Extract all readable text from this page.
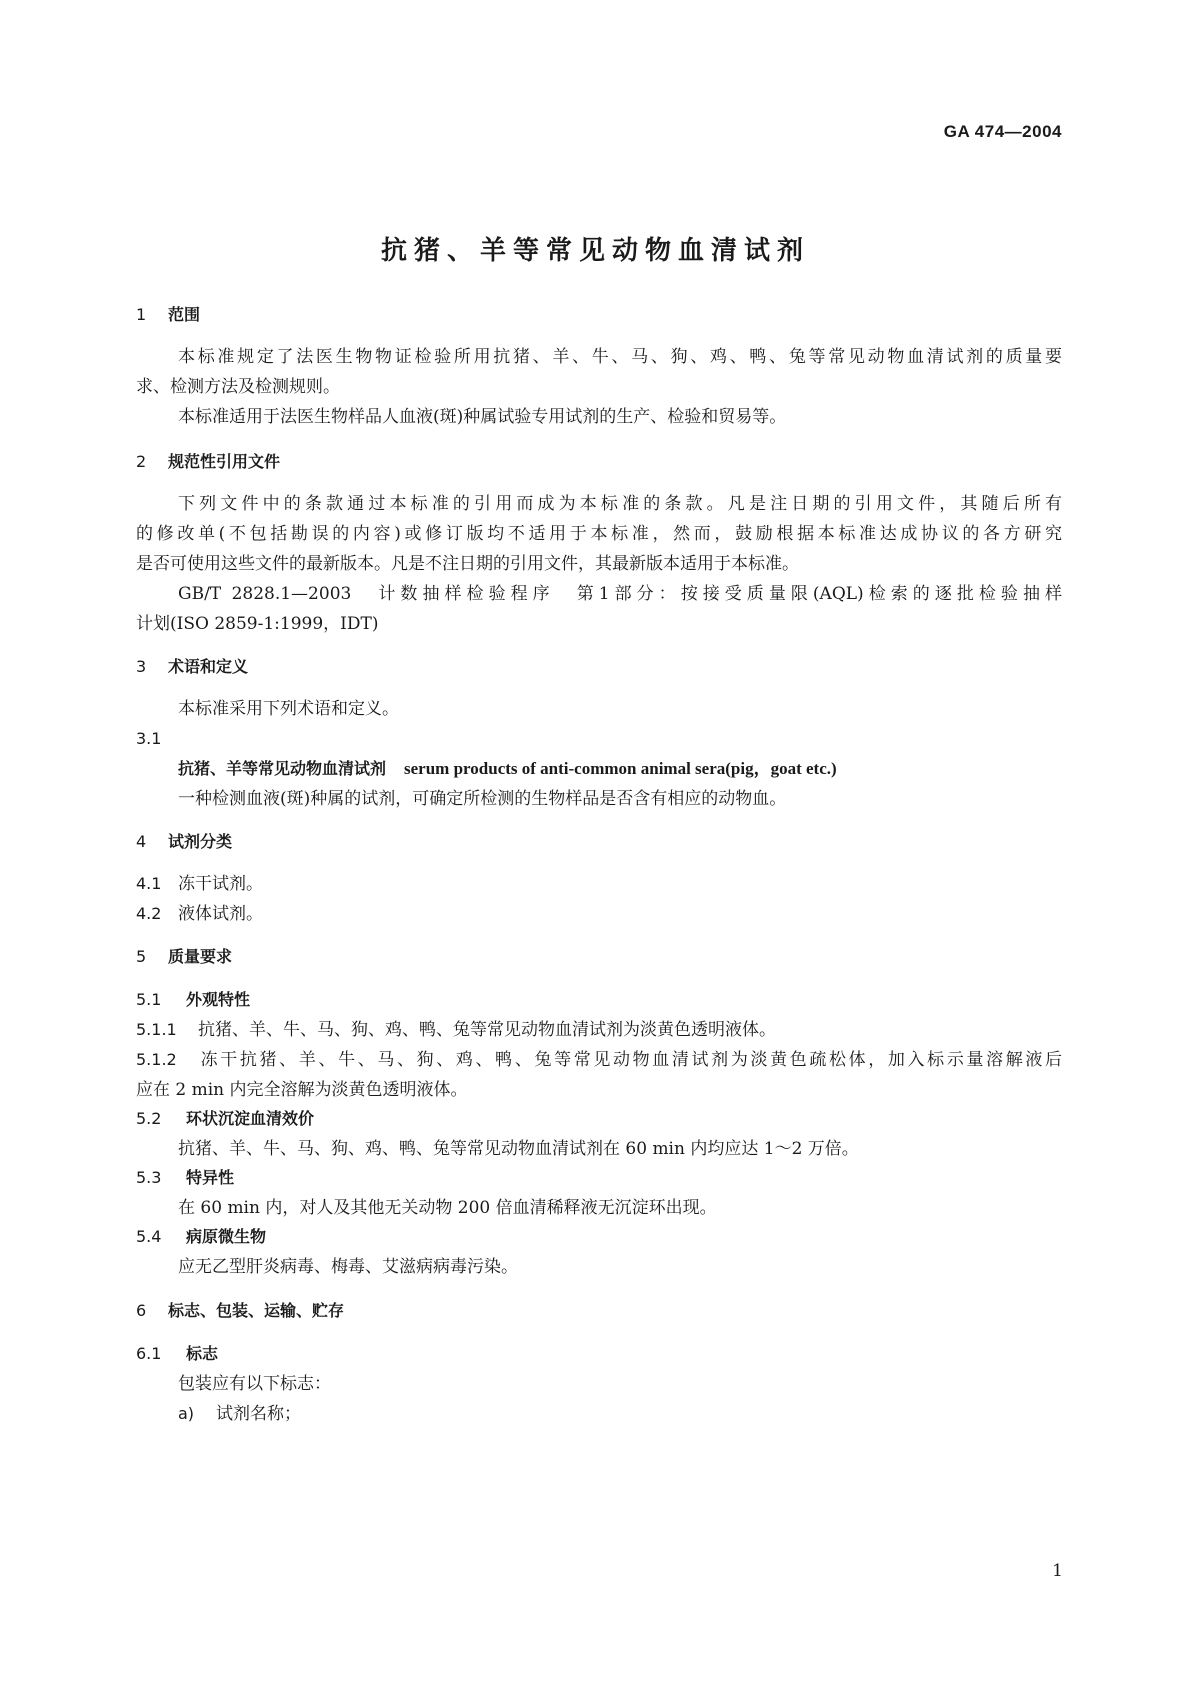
GA 474—2004
抗猪、羊等常见动物血清试剂
1 范围
本标准规定了法医生物物证检验所用抗猪、羊、牛、马、狗、鸡、鸭、兔等常见动物血清试剂的质量要
求、检测方法及检测规则。
本标准适用于法医生物样品人血液(斑)种属试验专用试剂的生产、检验和贸易等。
2 规范性引用文件
下列文件中的条款通过本标准的引用而成为本标准的条款。凡是注日期的引用文件，其随后所有
的修改单(不包括勘误的内容)或修订版均不适用于本标准，然而，鼓励根据本标准达成协议的各方研究
是否可使用这些文件的最新版本。凡是不注日期的引用文件，其最新版本适用于本标准。
GB/T 2828.1—2003　计数抽样检验程序　第1部分：按接受质量限(AQL)检索的逐批检验抽样
计划(ISO 2859-1:1999，IDT)
3 术语和定义
本标准采用下列术语和定义。
3.1
抗猪、羊等常见动物血清试剂 serum products of anti-common animal sera(pig，goat etc.)
一种检测血液(斑)种属的试剂，可确定所检测的生物样品是否含有相应的动物血。
4 试剂分类
4.1 冻干试剂。
4.2 液体试剂。
5 质量要求
5.1 外观特性
5.1.1 抗猪、羊、牛、马、狗、鸡、鸭、兔等常见动物血清试剂为淡黄色透明液体。
5.1.2 冻干抗猪、羊、牛、马、狗、鸡、鸭、兔等常见动物血清试剂为淡黄色疏松体，加入标示量溶解液后
应在 2 min 内完全溶解为淡黄色透明液体。
5.2 环状沉淀血清效价
抗猪、羊、牛、马、狗、鸡、鸭、兔等常见动物血清试剂在 60 min 内均应达 1～2 万倍。
5.3 特异性
在 60 min 内，对人及其他无关动物 200 倍血清稀释液无沉淀环出现。
5.4 病原微生物
应无乙型肝炎病毒、梅毒、艾滋病病毒污染。
6 标志、包装、运输、贮存
6.1 标志
包装应有以下标志：
a) 试剂名称；
1
